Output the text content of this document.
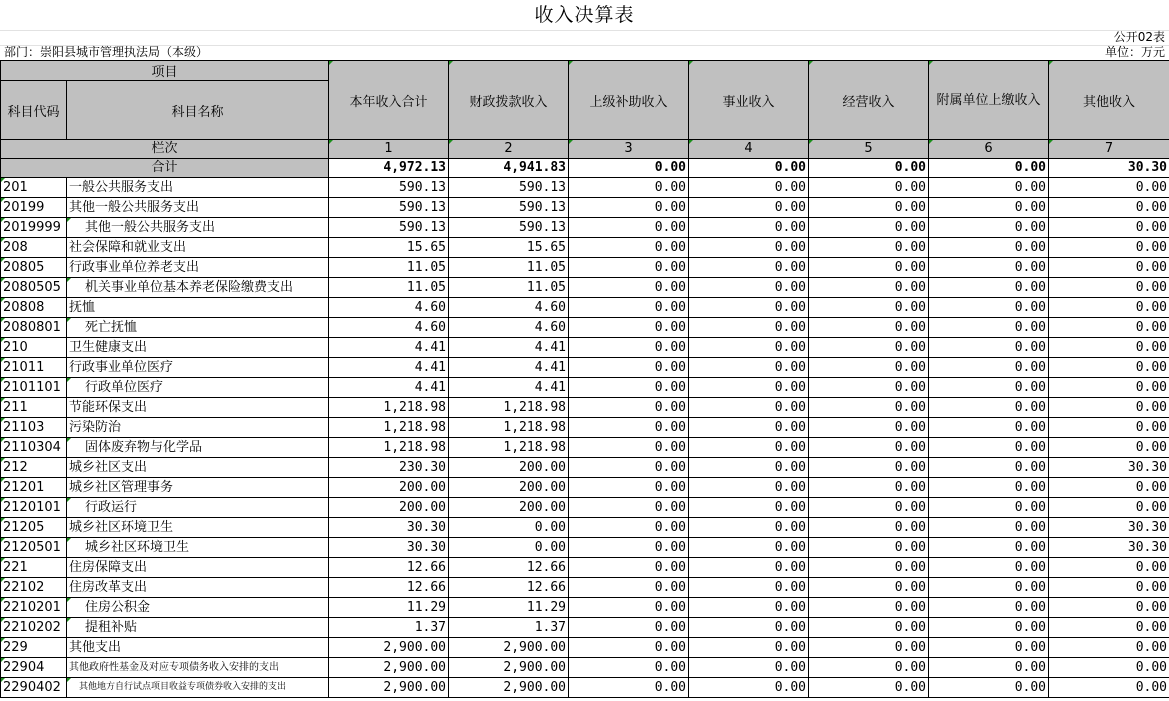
收入决算表
公开02表
部门：崇阳县城市管理执法局（本级）	单位：万元
项目		本年收入合计	财政拨款收入	上级补助收入	事业收入	经营收入	附属单位上缴收入	其他收入
科目代码	科目名称							
栏次		1	2	3	4	5	6	7
合计		4,972.13	4,941.83	0.00	0.00	0.00	0.00	30.30
201	一般公共服务支出	590.13	590.13	0.00	0.00	0.00	0.00	0.00
20199	其他一般公共服务支出	590.13	590.13	0.00	0.00	0.00	0.00	0.00
2019999	其他一般公共服务支出	590.13	590.13	0.00	0.00	0.00	0.00	0.00
208	社会保障和就业支出	15.65	15.65	0.00	0.00	0.00	0.00	0.00
20805	行政事业单位养老支出	11.05	11.05	0.00	0.00	0.00	0.00	0.00
2080505	机关事业单位基本养老保险缴费支出	11.05	11.05	0.00	0.00	0.00	0.00	0.00
20808	抚恤	4.60	4.60	0.00	0.00	0.00	0.00	0.00
2080801	死亡抚恤	4.60	4.60	0.00	0.00	0.00	0.00	0.00
210	卫生健康支出	4.41	4.41	0.00	0.00	0.00	0.00	0.00
21011	行政事业单位医疗	4.41	4.41	0.00	0.00	0.00	0.00	0.00
2101101	行政单位医疗	4.41	4.41	0.00	0.00	0.00	0.00	0.00
211	节能环保支出	1,218.98	1,218.98	0.00	0.00	0.00	0.00	0.00
21103	污染防治	1,218.98	1,218.98	0.00	0.00	0.00	0.00	0.00
2110304	固体废弃物与化学品	1,218.98	1,218.98	0.00	0.00	0.00	0.00	0.00
212	城乡社区支出	230.30	200.00	0.00	0.00	0.00	0.00	30.30
21201	城乡社区管理事务	200.00	200.00	0.00	0.00	0.00	0.00	0.00
2120101	行政运行	200.00	200.00	0.00	0.00	0.00	0.00	0.00
21205	城乡社区环境卫生	30.30	0.00	0.00	0.00	0.00	0.00	30.30
2120501	城乡社区环境卫生	30.30	0.00	0.00	0.00	0.00	0.00	30.30
221	住房保障支出	12.66	12.66	0.00	0.00	0.00	0.00	0.00
22102	住房改革支出	12.66	12.66	0.00	0.00	0.00	0.00	0.00
2210201	住房公积金	11.29	11.29	0.00	0.00	0.00	0.00	0.00
2210202	提租补贴	1.37	1.37	0.00	0.00	0.00	0.00	0.00
229	其他支出	2,900.00	2,900.00	0.00	0.00	0.00	0.00	0.00
22904	其他政府性基金及对应专项债务收入安排的支出	2,900.00	2,900.00	0.00	0.00	0.00	0.00	0.00
2290402	其他地方自行试点项目收益专项债券收入安排的支出	2,900.00	2,900.00	0.00	0.00	0.00	0.00	0.00
